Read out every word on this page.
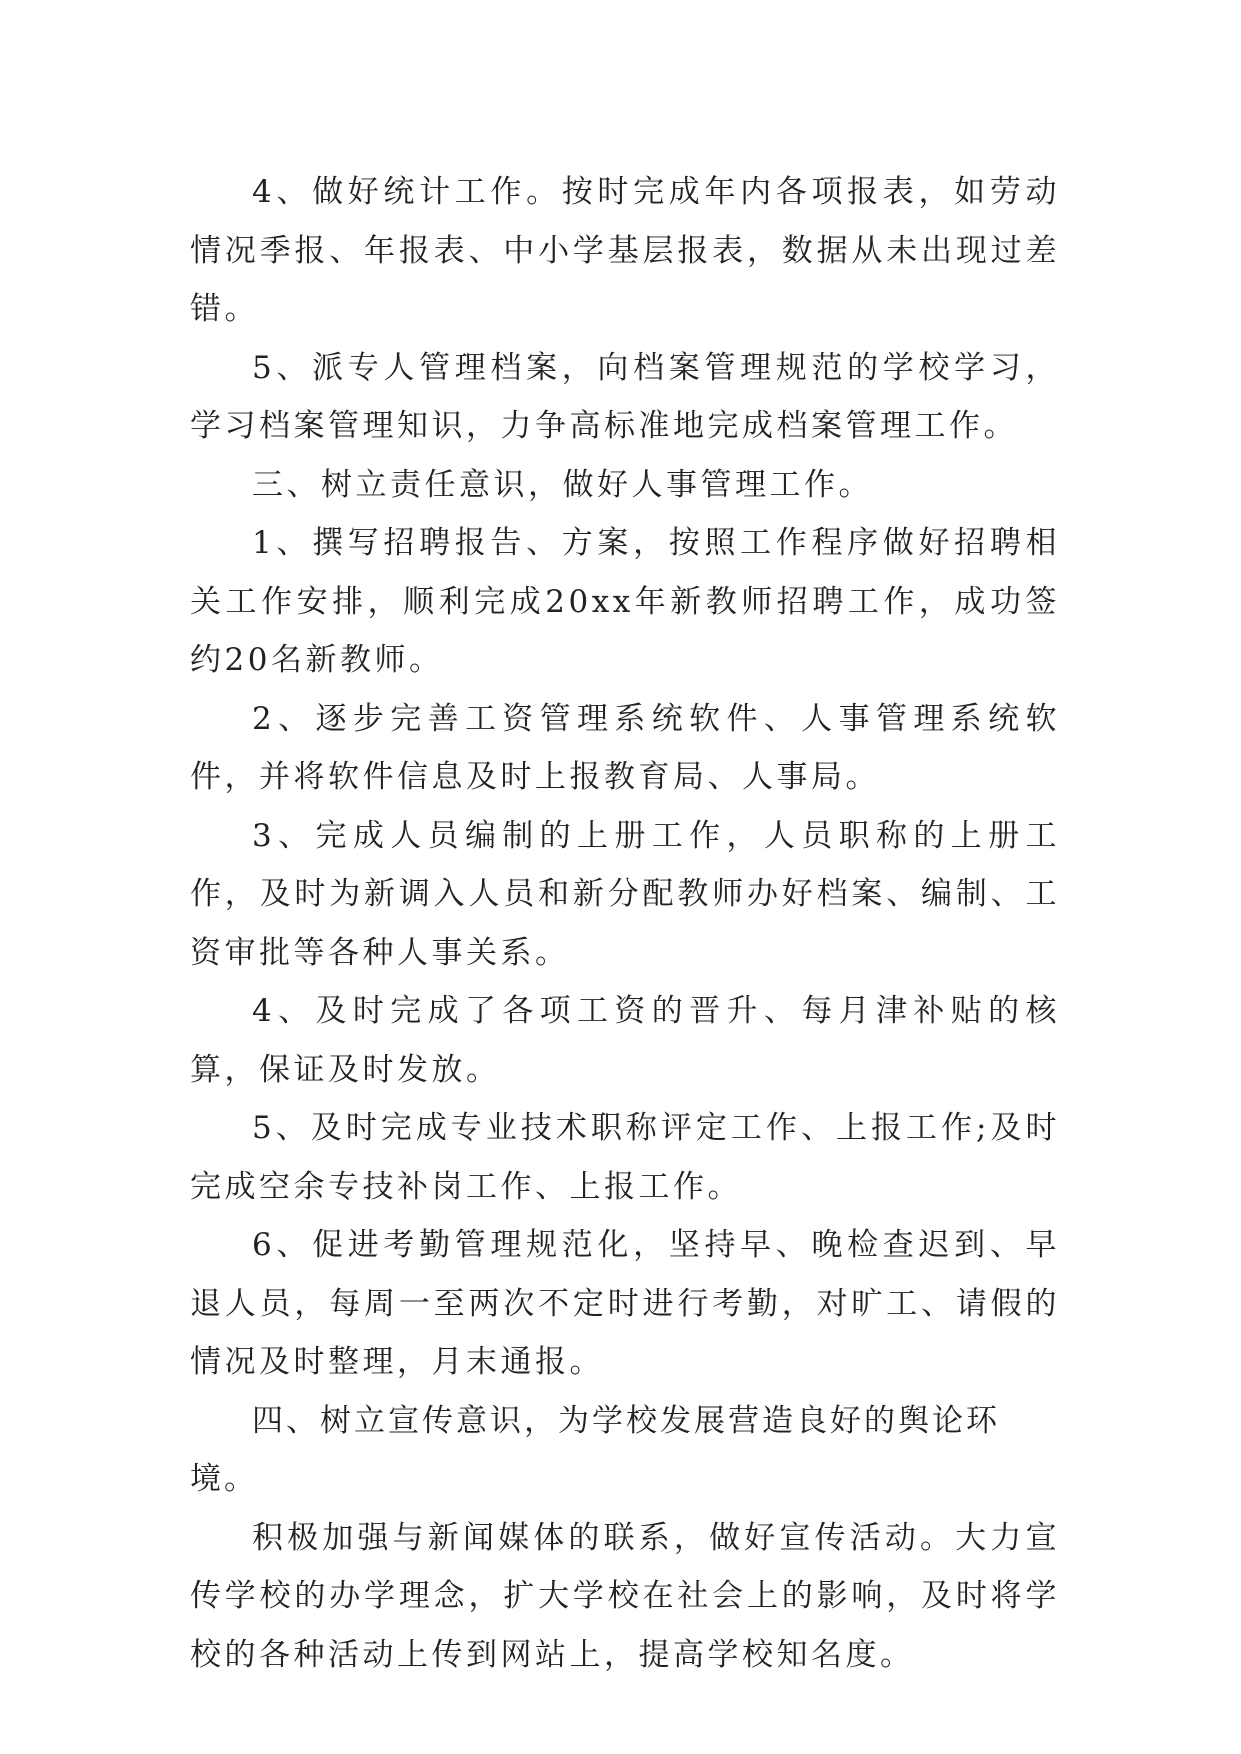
4、做好统计工作。按时完成年内各项报表，如劳动情况季报、年报表、中小学基层报表，数据从未出现过差错。

5、派专人管理档案，向档案管理规范的学校学习，学习档案管理知识，力争高标准地完成档案管理工作。

三、树立责任意识，做好人事管理工作。

1、撰写招聘报告、方案，按照工作程序做好招聘相关工作安排，顺利完成20xx年新教师招聘工作，成功签约20名新教师。

2、逐步完善工资管理系统软件、人事管理系统软件，并将软件信息及时上报教育局、人事局。

3、完成人员编制的上册工作，人员职称的上册工作，及时为新调入人员和新分配教师办好档案、编制、工资审批等各种人事关系。

4、及时完成了各项工资的晋升、每月津补贴的核算，保证及时发放。

5、及时完成专业技术职称评定工作、上报工作;及时完成空余专技补岗工作、上报工作。

6、促进考勤管理规范化，坚持早、晚检查迟到、早退人员，每周一至两次不定时进行考勤，对旷工、请假的情况及时整理，月末通报。

四、树立宣传意识，为学校发展营造良好的舆论环境。

积极加强与新闻媒体的联系，做好宣传活动。大力宣传学校的办学理念，扩大学校在社会上的影响，及时将学校的各种活动上传到网站上，提高学校知名度。
